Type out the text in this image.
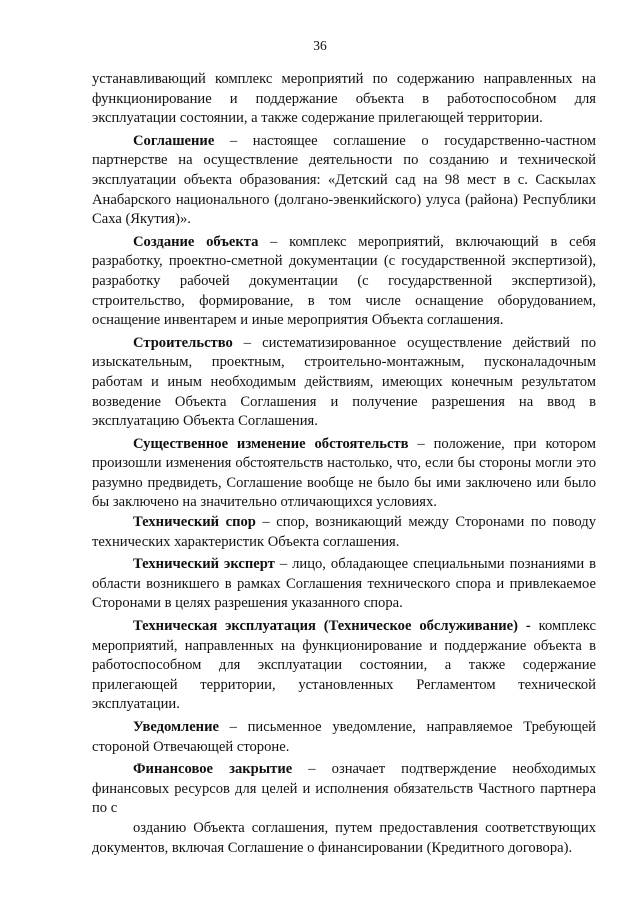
36

устанавливающий комплекс мероприятий по содержанию направленных на функционирование и поддержание объекта в работоспособном для эксплуатации состоянии, а также содержание прилегающей территории.

Соглашение – настоящее соглашение о государственно-частном партнерстве на осуществление деятельности по созданию и технической эксплуатации объекта образования: «Детский сад на 98 мест в с. Саскылах Анабарского национального (долгано-эвенкийского) улуса (района) Республики Саха (Якутия)».

Создание объекта – комплекс мероприятий, включающий в себя разработку, проектно-сметной документации (с государственной экспертизой), разработку рабочей документации (с государственной экспертизой), строительство, формирование, в том числе оснащение оборудованием, оснащение инвентарем и иные мероприятия Объекта соглашения.

Строительство – систематизированное осуществление действий по изыскательным, проектным, строительно-монтажным, пусконаладочным работам и иным необходимым действиям, имеющих конечным результатом возведение Объекта Соглашения и получение разрешения на ввод в эксплуатацию Объекта Соглашения.

Существенное изменение обстоятельств – положение, при котором произошли изменения обстоятельств настолько, что, если бы стороны могли это разумно предвидеть, Соглашение вообще не было бы ими заключено или было бы заключено на значительно отличающихся условиях.

Технический спор – спор, возникающий между Сторонами по поводу технических характеристик Объекта соглашения.

Технический эксперт – лицо, обладающее специальными познаниями в области возникшего в рамках Соглашения технического спора и привлекаемое Сторонами в целях разрешения указанного спора.

Техническая эксплуатация (Техническое обслуживание) - комплекс мероприятий, направленных на функционирование и поддержание объекта в работоспособном для эксплуатации состоянии, а также содержание прилегающей территории, установленных Регламентом технической эксплуатации.

Уведомление – письменное уведомление, направляемое Требующей стороной Отвечающей стороне.

Финансовое закрытие – означает подтверждение необходимых финансовых ресурсов для целей и исполнения обязательств Частного партнера по с

озданию Объекта соглашения, путем предоставления соответствующих документов, включая Соглашение о финансировании (Кредитного договора).
